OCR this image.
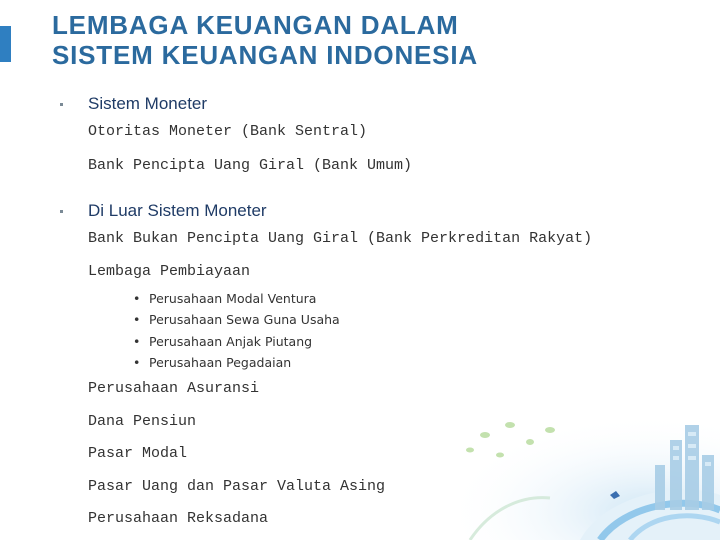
LEMBAGA KEUANGAN DALAM
SISTEM KEUANGAN INDONESIA
Sistem Moneter
Otoritas Moneter (Bank Sentral)
Bank Pencipta Uang Giral (Bank Umum)
Di Luar Sistem Moneter
Bank Bukan Pencipta Uang Giral (Bank Perkreditan Rakyat)
Lembaga Pembiayaan
• Perusahaan Modal Ventura
• Perusahaan Sewa Guna Usaha
• Perusahaan Anjak Piutang
• Perusahaan Pegadaian
Perusahaan Asuransi
Dana Pensiun
Pasar Modal
Pasar Uang dan Pasar Valuta Asing
Perusahaan Reksadana
